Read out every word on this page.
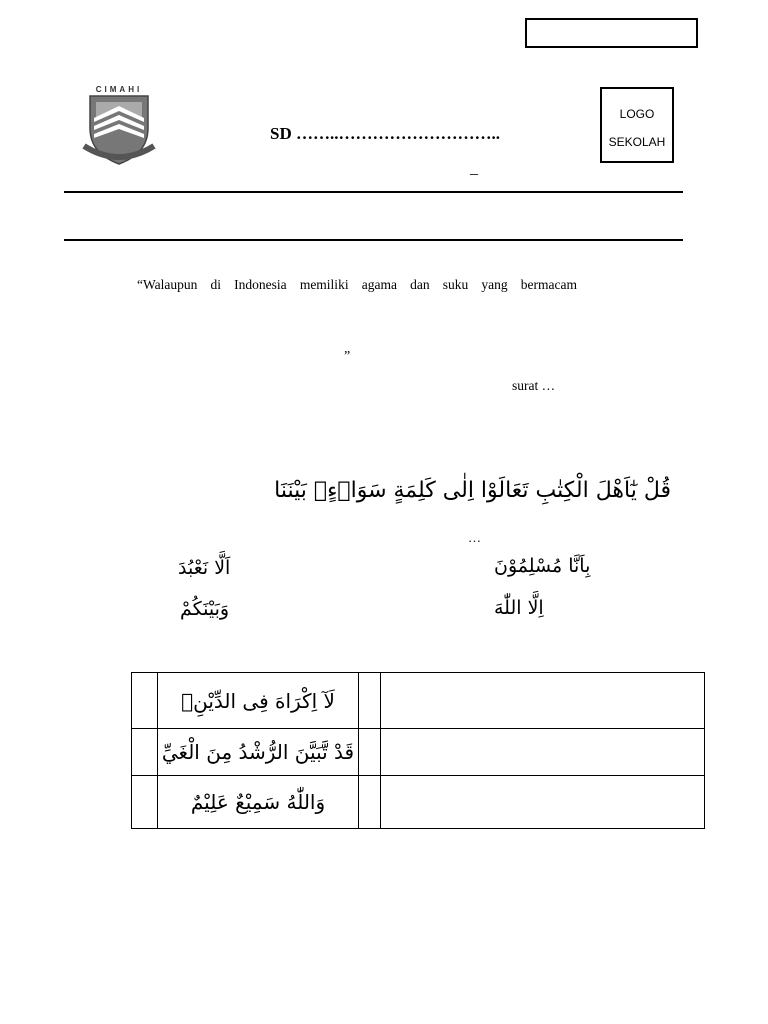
CIMAHI
SD ……..………………………..
_
LOGO
SEKOLAH
“Walaupun di Indonesia memiliki agama dan suku yang bermacam
”
surat …
قُلْ يٰٓاَهْلَ الْكِتٰبِ تَعَالَوْا اِلٰى كَلِمَةٍ سَوَاۤءٍۢ بَيْنَنَا
…
بِاَنَّا مُسْلِمُوْنَ
اَلَّا نَعْبُدَ
اِلَّا اللّٰهَ
وَبَيْنَكُمْ
	لَآ اِكْرَاهَ فِى الدِّيْنِۗ		
	قَدْ تَّبَيَّنَ الرُّشْدُ مِنَ الْغَيِّ		
	وَاللّٰهُ سَمِيْعٌ عَلِيْمٌ		
